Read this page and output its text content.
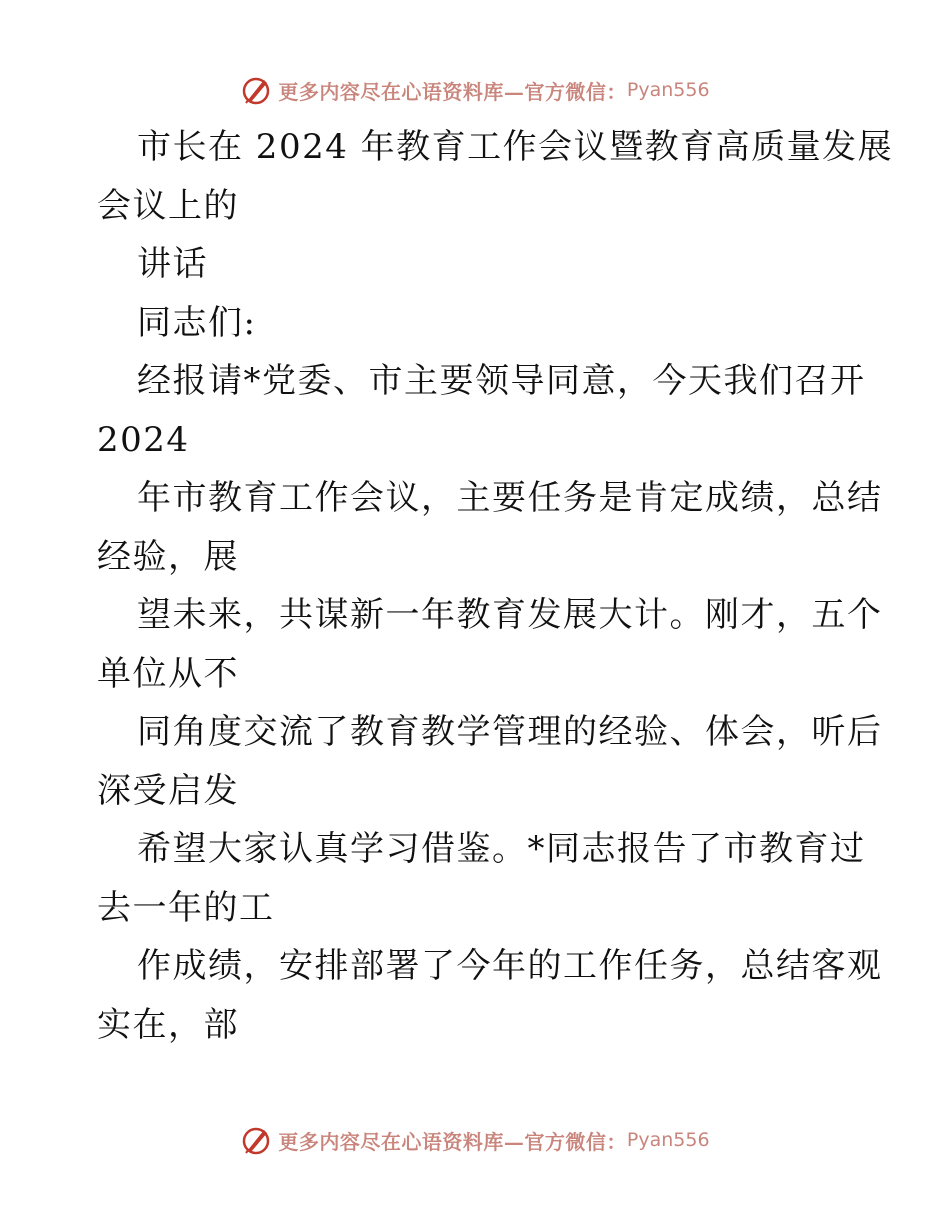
更多内容尽在心语资料库—官方微信： Pyan556
市长在 2024 年教育工作会议暨教育高质量发展
会议上的
讲话
同志们:
经报请*党委、市主要领导同意，今天我们召开
2024
年市教育工作会议，主要任务是肯定成绩，总结
经验，展
望未来，共谋新一年教育发展大计。刚才，五个
单位从不
同角度交流了教育教学管理的经验、体会，听后
深受启发
希望大家认真学习借鉴。*同志报告了市教育过
去一年的工
作成绩，安排部署了今年的工作任务，总结客观
实在，部
更多内容尽在心语资料库—官方微信： Pyan556
